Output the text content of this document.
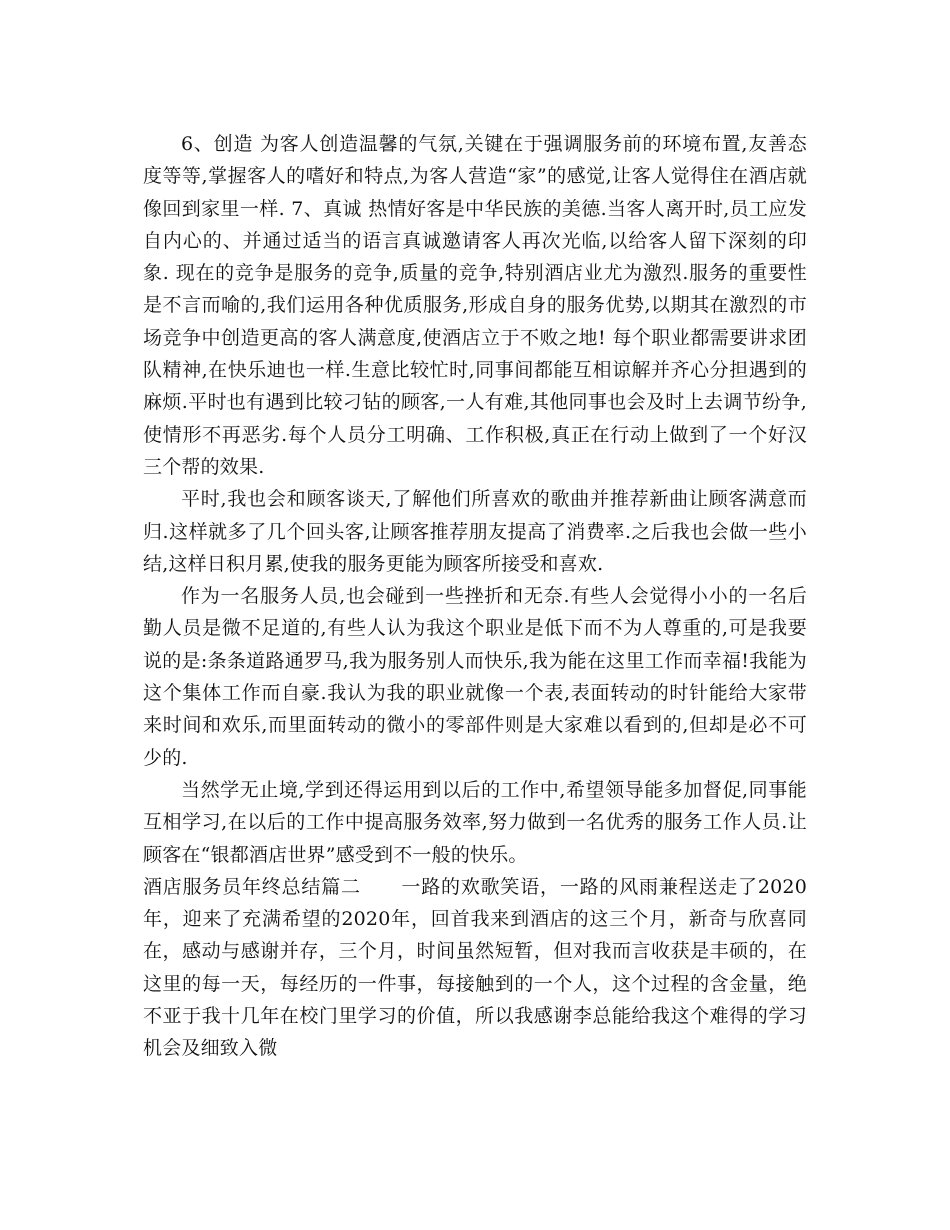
6、创造 为客人创造温馨的气氛,关键在于强调服务前的环境布置,友善态度等等,掌握客人的嗜好和特点,为客人营造“家”的感觉,让客人觉得住在酒店就像回到家里一样. 7、真诚 热情好客是中华民族的美德.当客人离开时,员工应发自内心的、并通过适当的语言真诚邀请客人再次光临,以给客人留下深刻的印象. 现在的竞争是服务的竞争,质量的竞争,特别酒店业尤为激烈.服务的重要性是不言而喻的,我们运用各种优质服务,形成自身的服务优势,以期其在激烈的市场竞争中创造更高的客人满意度,使酒店立于不败之地! 每个职业都需要讲求团队精神,在快乐迪也一样.生意比较忙时,同事间都能互相谅解并齐心分担遇到的麻烦.平时也有遇到比较刁钻的顾客,一人有难,其他同事也会及时上去调节纷争,使情形不再恶劣.每个人员分工明确、工作积极,真正在行动上做到了一个好汉三个帮的效果.

平时,我也会和顾客谈天,了解他们所喜欢的歌曲并推荐新曲让顾客满意而归.这样就多了几个回头客,让顾客推荐朋友提高了消费率.之后我也会做一些小结,这样日积月累,使我的服务更能为顾客所接受和喜欢.

作为一名服务人员,也会碰到一些挫折和无奈.有些人会觉得小小的一名后勤人员是微不足道的,有些人认为我这个职业是低下而不为人尊重的,可是我要说的是:条条道路通罗马,我为服务别人而快乐,我为能在这里工作而幸福!我能为这个集体工作而自豪.我认为我的职业就像一个表,表面转动的时针能给大家带来时间和欢乐,而里面转动的微小的零部件则是大家难以看到的,但却是必不可少的.

当然学无止境,学到还得运用到以后的工作中,希望领导能多加督促,同事能互相学习,在以后的工作中提高服务效率,努力做到一名优秀的服务工作人员.让顾客在“银都酒店世界”感受到不一般的快乐。

酒店服务员年终总结篇二 一路的欢歌笑语，一路的风雨兼程送走了2020年，迎来了充满希望的2020年，回首我来到酒店的这三个月，新奇与欣喜同在，感动与感谢并存，三个月，时间虽然短暂，但对我而言收获是丰硕的，在这里的每一天，每经历的一件事，每接触到的一个人，这个过程的含金量，绝不亚于我十几年在校门里学习的价值，所以我感谢李总能给我这个难得的学习机会及细致入微
